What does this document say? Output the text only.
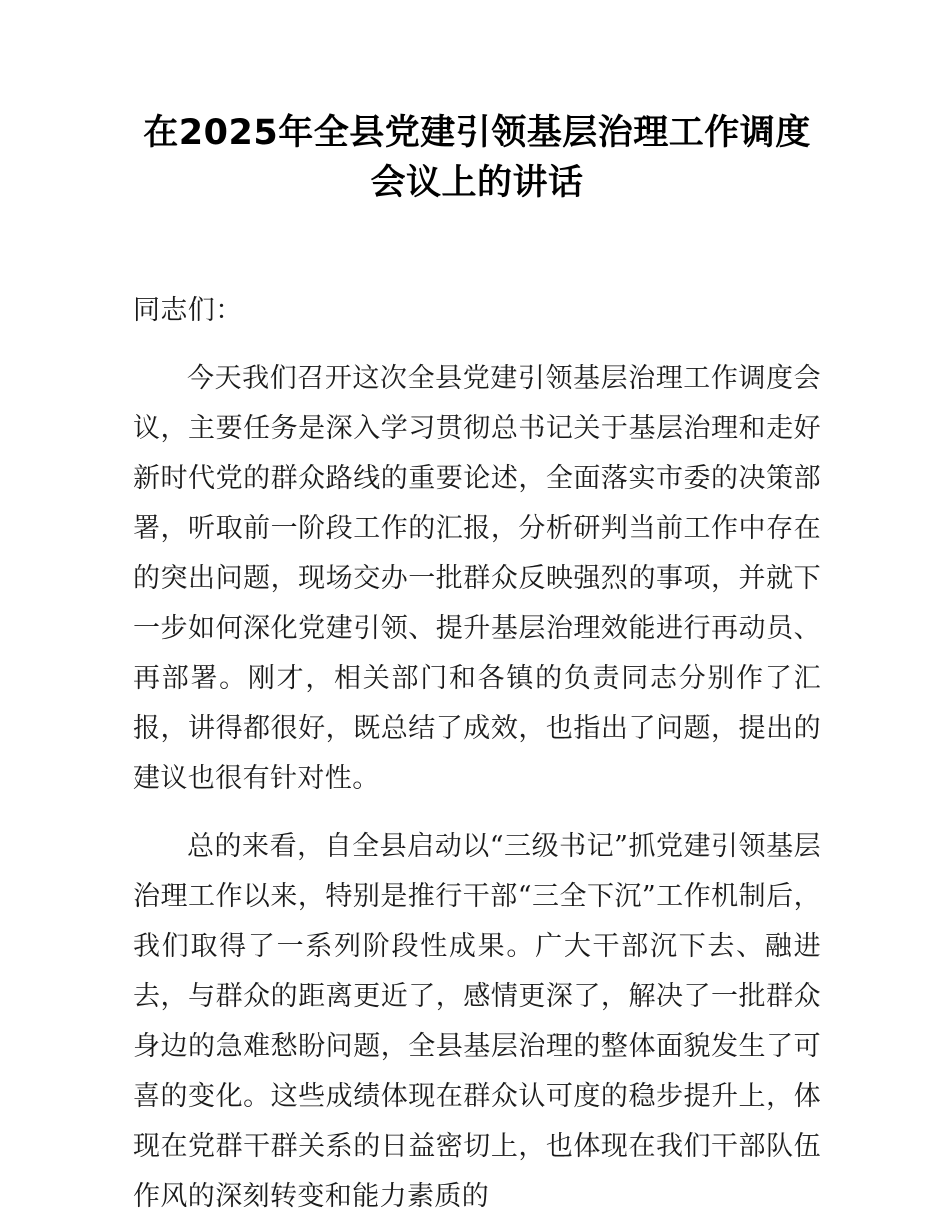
在2025年全县党建引领基层治理工作调度会议上的讲话

同志们：

今天我们召开这次全县党建引领基层治理工作调度会议，主要任务是深入学习贯彻总书记关于基层治理和走好新时代党的群众路线的重要论述，全面落实市委的决策部署，听取前一阶段工作的汇报，分析研判当前工作中存在的突出问题，现场交办一批群众反映强烈的事项，并就下一步如何深化党建引领、提升基层治理效能进行再动员、再部署。刚才，相关部门和各镇的负责同志分别作了汇报，讲得都很好，既总结了成效，也指出了问题，提出的建议也很有针对性。

总的来看，自全县启动以“三级书记”抓党建引领基层治理工作以来，特别是推行干部“三全下沉”工作机制后，我们取得了一系列阶段性成果。广大干部沉下去、融进去，与群众的距离更近了，感情更深了，解决了一批群众身边的急难愁盼问题，全县基层治理的整体面貌发生了可喜的变化。这些成绩体现在群众认可度的稳步提升上，体现在党群干群关系的日益密切上，也体现在我们干部队伍作风的深刻转变和能力素质的
